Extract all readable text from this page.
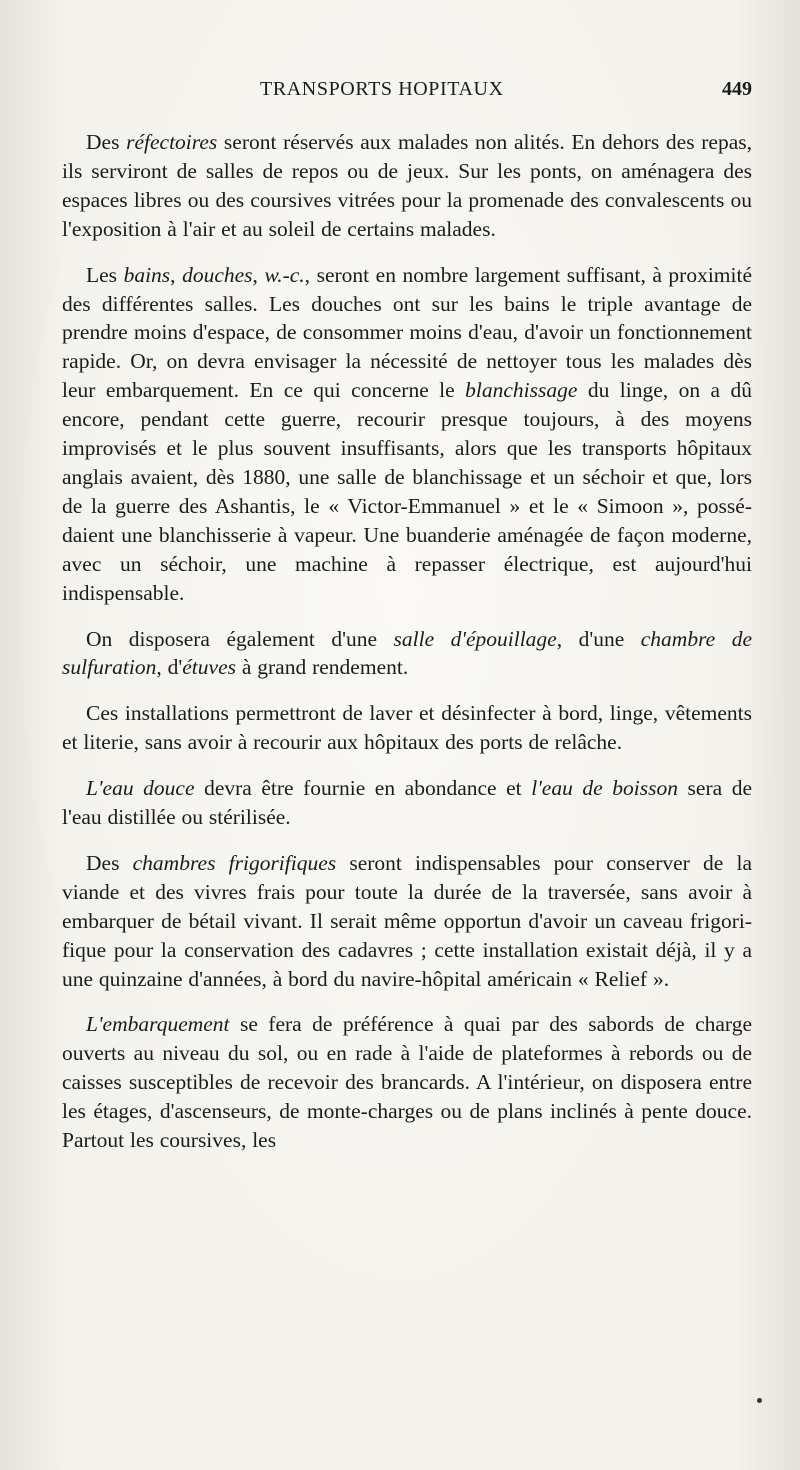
TRANSPORTS HOPITAUX	449

Des réfectoires seront réservés aux malades non alités. En dehors des repas, ils serviront de salles de repos ou de jeux. Sur les ponts, on aménagera des espaces libres ou des coursives vitrées pour la promenade des convalescents ou l'exposition à l'air et au soleil de certains malades.

Les bains, douches, w.-c., seront en nombre largement suffisant, à proximité des différentes salles. Les douches ont sur les bains le triple avantage de prendre moins d'espace, de consommer moins d'eau, d'avoir un fonctionnement rapide. Or, on devra envisager la nécessité de nettoyer tous les malades dès leur embarquement. En ce qui concerne le blanchissage du linge, on a dû encore, pendant cette guerre, recourir presque toujours, à des moyens improvisés et le plus souvent insuffisants, alors que les transports hôpitaux anglais avaient, dès 1880, une salle de blanchissage et un séchoir et que, lors de la guerre des Ashantis, le « Victor-Emmanuel » et le « Simoon », possédaient une blanchisserie à vapeur. Une buanderie aménagée de façon moderne, avec un séchoir, une machine à repasser électrique, est aujourd'hui indispensable.

On disposera également d'une salle d'épouillage, d'une chambre de sulfuration, d'étuves à grand rendement.

Ces installations permettront de laver et désinfecter à bord, linge, vêtements et literie, sans avoir à recourir aux hôpitaux des ports de relâche.

L'eau douce devra être fournie en abondance et l'eau de boisson sera de l'eau distillée ou stérilisée.

Des chambres frigorifiques seront indispensables pour conserver de la viande et des vivres frais pour toute la durée de la traversée, sans avoir à embarquer de bétail vivant. Il serait même opportun d'avoir un caveau frigorifique pour la conservation des cadavres ; cette installation existait déjà, il y a une quinzaine d'années, à bord du navire-hôpital américain « Relief ».

L'embarquement se fera de préférence à quai par des sabords de charge ouverts au niveau du sol, ou en rade à l'aide de plateformes à rebords ou de caisses susceptibles de recevoir des brancards. A l'intérieur, on disposera entre les étages, d'ascenseurs, de monte-charges ou de plans inclinés à pente douce. Partout les coursives, les
